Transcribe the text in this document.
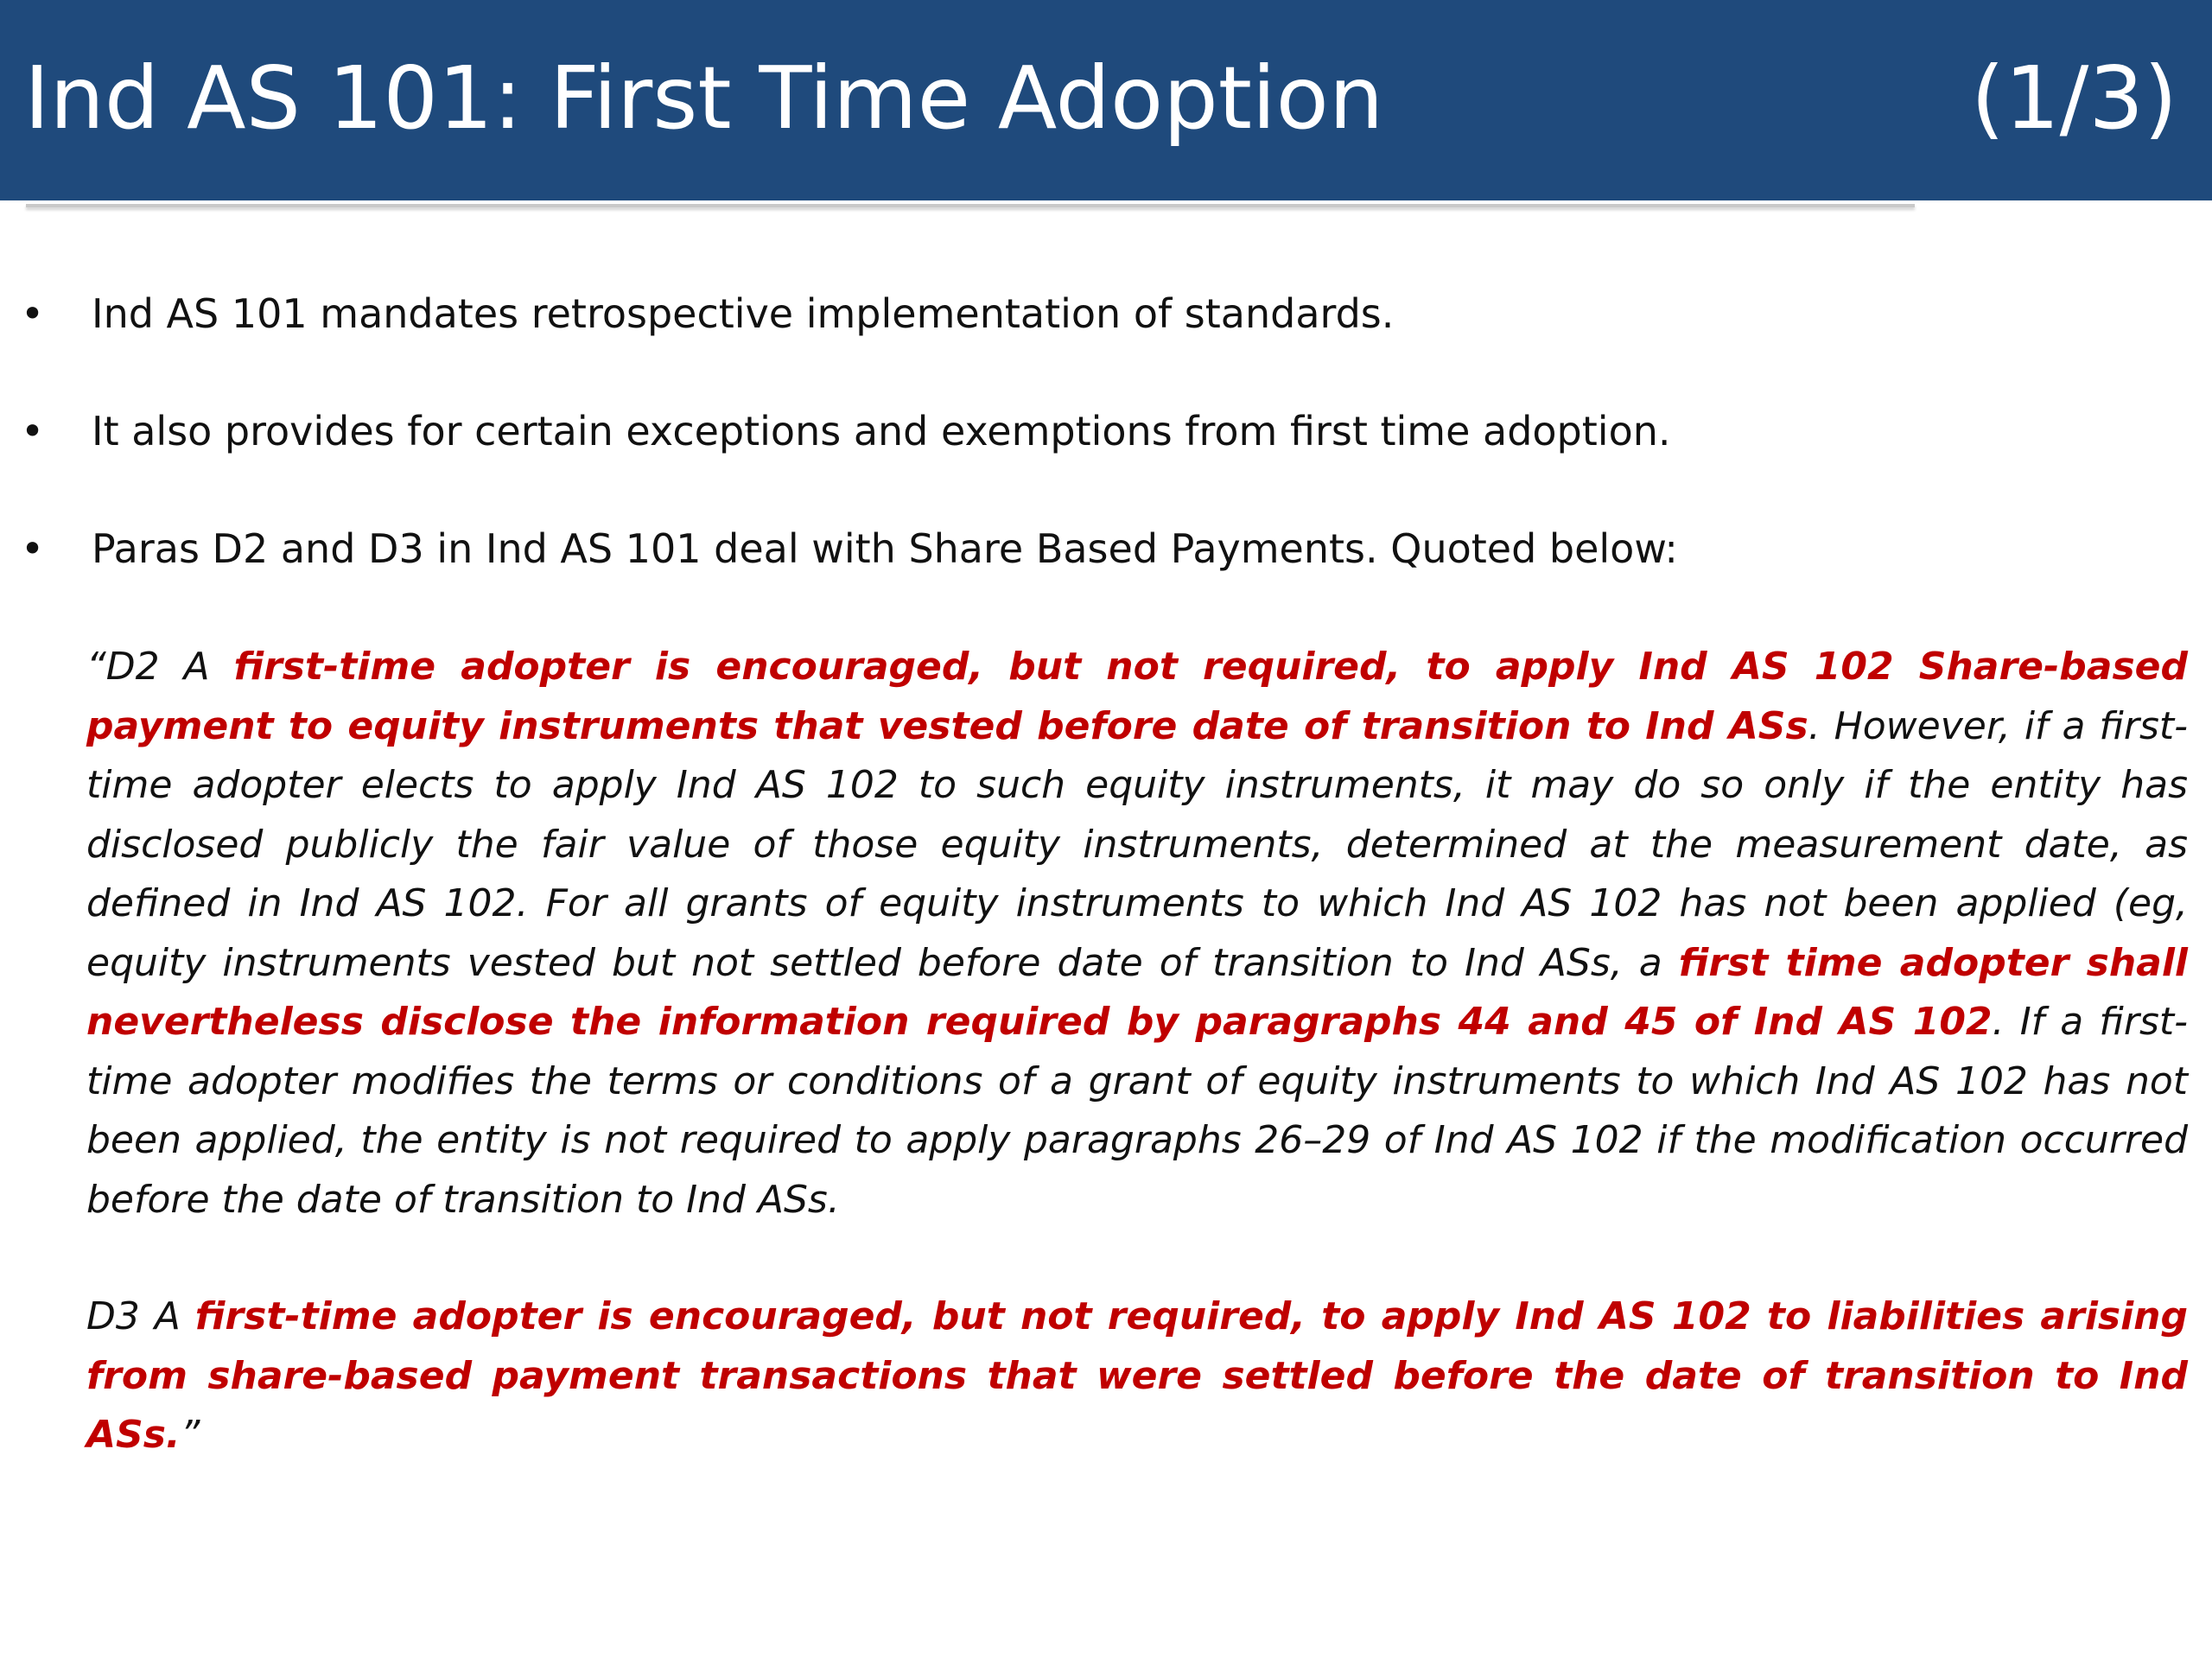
Ind AS 101: First Time Adoption	(1/3)
•	Ind AS 101 mandates retrospective implementation of standards.
•	It also provides for certain exceptions and exemptions from first time adoption.
•	Paras D2 and D3 in Ind AS 101 deal with Share Based Payments. Quoted below:
“D2 A first-time adopter is encouraged, but not required, to apply Ind AS 102 Share-based payment to equity instruments that vested before date of transition to Ind ASs. However, if a first-time adopter elects to apply Ind AS 102 to such equity instruments, it may do so only if the entity has disclosed publicly the fair value of those equity instruments, determined at the measurement date, as defined in Ind AS 102. For all grants of equity instruments to which Ind AS 102 has not been applied (eg, equity instruments vested but not settled before date of transition to Ind ASs, a first time adopter shall nevertheless disclose the information required by paragraphs 44 and 45 of Ind AS 102. If a first-time adopter modifies the terms or conditions of a grant of equity instruments to which Ind AS 102 has not been applied, the entity is not required to apply paragraphs 26–29 of Ind AS 102 if the modification occurred before the date of transition to Ind ASs.
D3 A first-time adopter is encouraged, but not required, to apply Ind AS 102 to liabilities arising from share-based payment transactions that were settled before the date of transition to Ind ASs.”
